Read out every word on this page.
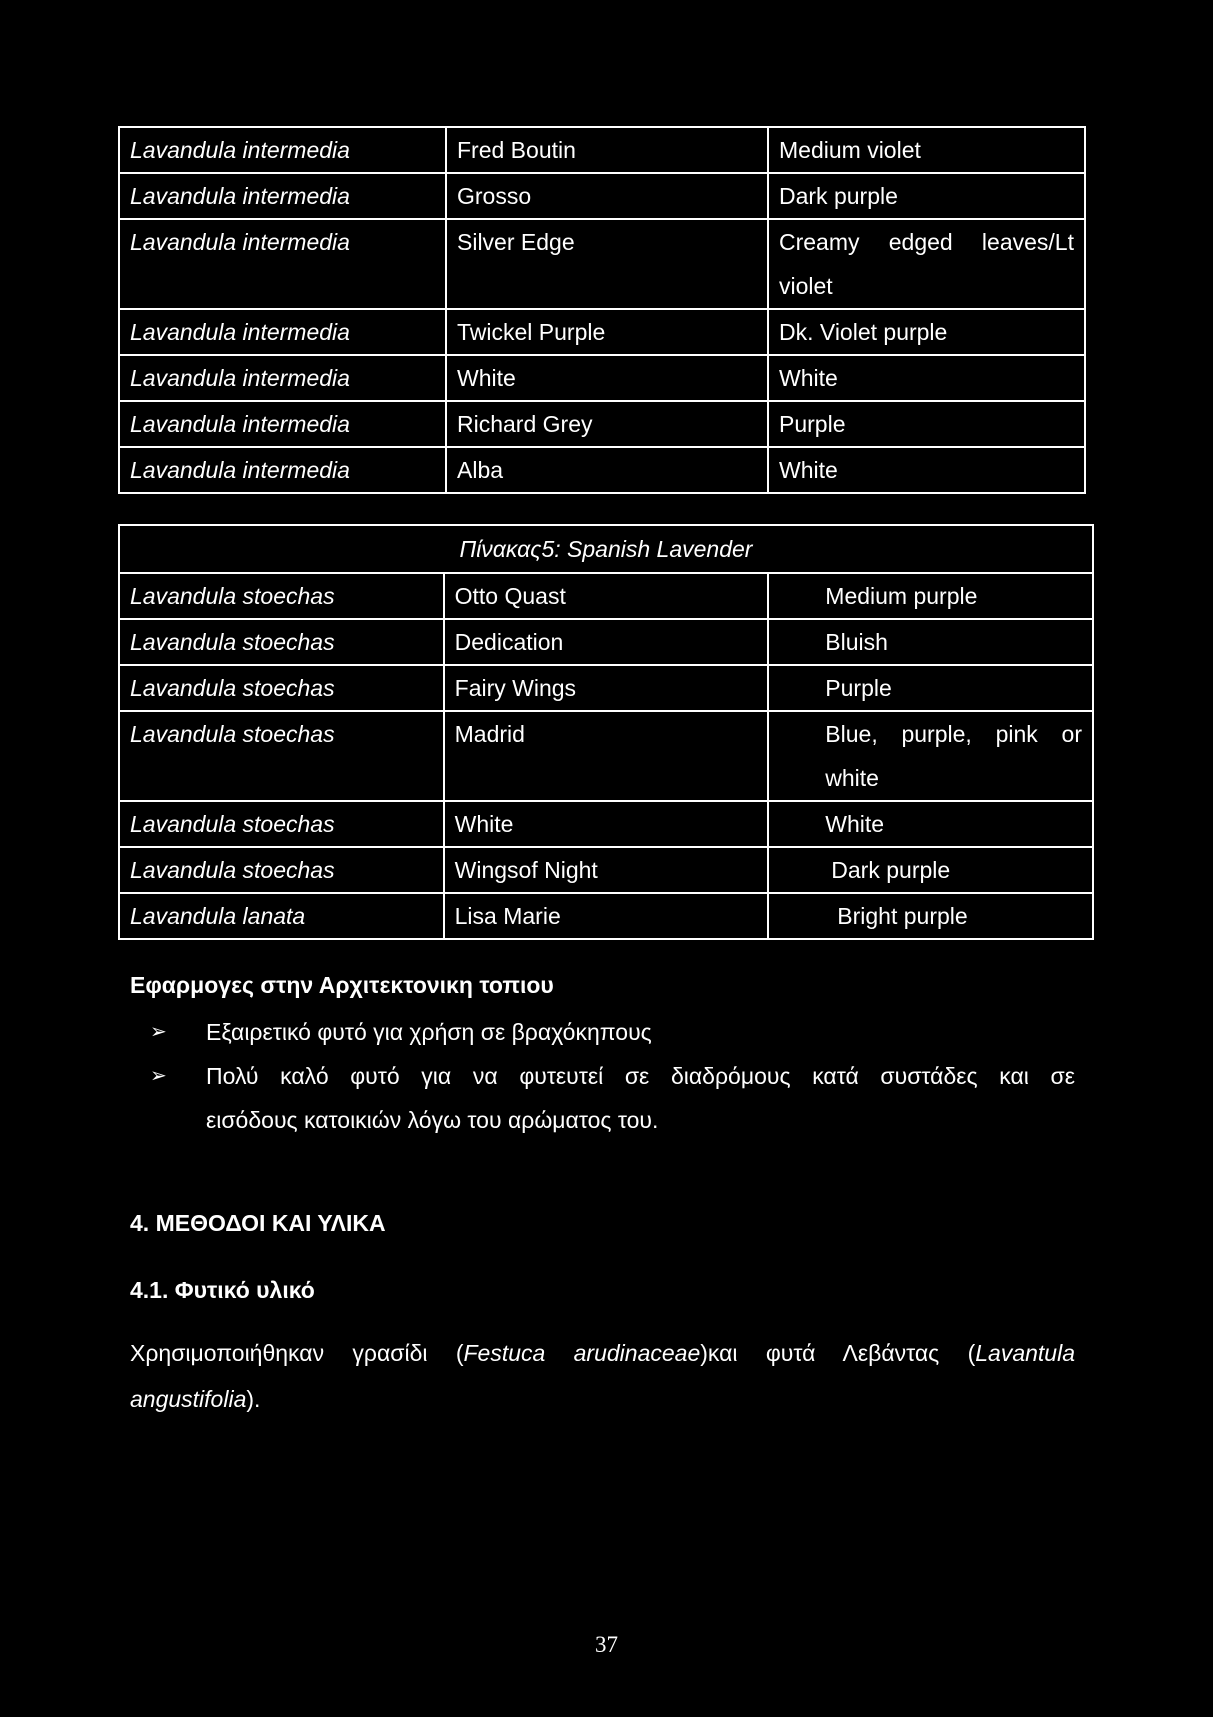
Lavandula intermedia	Fred Boutin	Medium violet
Lavandula intermedia	Grosso	Dark purple
Lavandula intermedia	Silver Edge	Creamy edged leaves/Lt
violet

Lavandula intermedia	Twickel Purple	Dk. Violet purple
Lavandula intermedia	White	White
Lavandula intermedia	Richard Grey	Purple
Lavandula intermedia	Alba	White
Πίνακας5: Spanish Lavender		
Lavandula stoechas	Otto Quast	Medium purple
Lavandula stoechas	Dedication	Bluish
Lavandula stoechas	Fairy Wings	Purple
Lavandula stoechas	Madrid	Blue, purple, pink or
white

Lavandula stoechas	White	White
Lavandula stoechas	Wingsof Night	Dark purple
Lavandula lanata	Lisa Marie	Bright purple
Εφαρμογες στην Αρχιτεκτονικη τοπιου
➢ Εξαιρετικό φυτό για χρήση σε βραχόκηπους
➢ Πολύ καλό φυτό για να φυτευτεί σε διαδρόμους κατά συστάδες και σε
εισόδους κατοικιών λόγω του αρώματος του.
4. ΜΕΘΟΔΟΙ ΚΑΙ ΥΛΙΚΑ
4.1. Φυτικό υλικό

Χρησιμοποιήθηκαν γρασίδι (Festuca arudinaceae)και φυτά Λεβάντας (Lavantula angustifolia).

37
